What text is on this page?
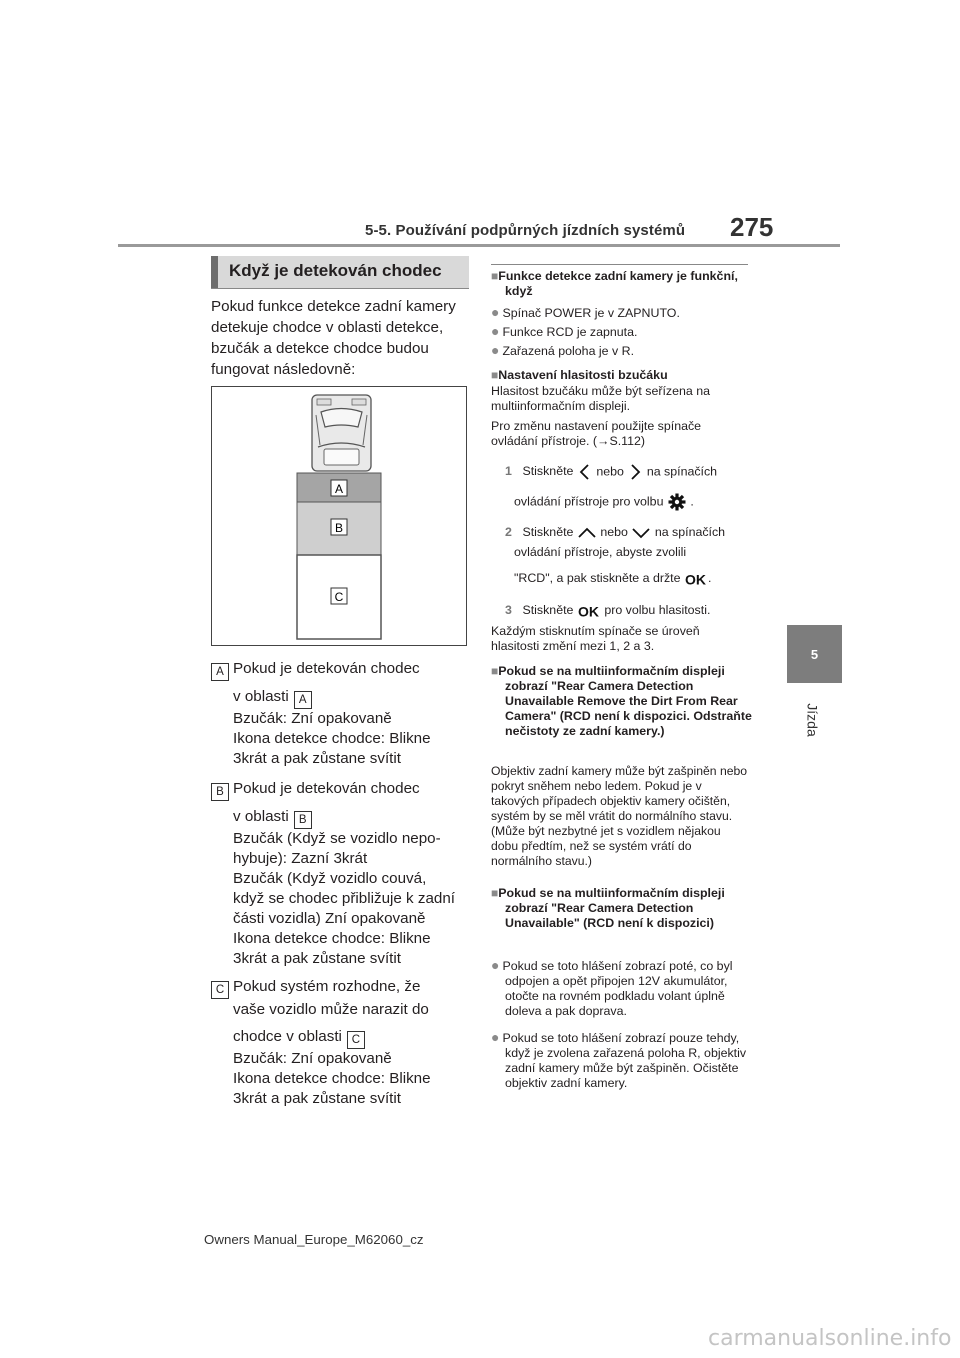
5-5. Používání podpůrných jízdních systémů 275
5
Jízda
Když je detekován chodec
Pokud funkce detekce zadní kamery detekuje chodce v oblasti detekce, bzučák a detekce chodce budou fungovat následovně:
A
B
C
A Pokud je detekován chodec
v oblasti A
Bzučák: Zní opakovaně
Ikona detekce chodce: Blikne
3krát a pak zůstane svítit
B Pokud je detekován chodec
v oblasti B
Bzučák (Když se vozidlo nepo-
hybuje): Zazní 3krát
Bzučák (Když vozidlo couvá,
když se chodec přibližuje k zadní
části vozidla) Zní opakovaně
Ikona detekce chodce: Blikne
3krát a pak zůstane svítit
C Pokud systém rozhodne, že
vaše vozidlo může narazit do
chodce v oblasti C
Bzučák: Zní opakovaně
Ikona detekce chodce: Blikne
3krát a pak zůstane svítit
■Funkce detekce zadní kamery je funkční, když
● Spínač POWER je v ZAPNUTO.
● Funkce RCD je zapnuta.
● Zařazená poloha je v R.
■Nastavení hlasitosti bzučáku
Hlasitost bzučáku může být seřízena na multiinformačním displeji.
Pro změnu nastavení použijte spínače ovládání přístroje. (→S.112)
1 Stiskněte nebo na spínačích
ovládání přístroje pro volbu .
2 Stiskněte nebo na spínačích
ovládání přístroje, abyste zvolili
"RCD", a pak stiskněte a držte OK .
3 Stiskněte OK pro volbu hlasitosti.
Každým stisknutím spínače se úroveň hlasitosti změní mezi 1, 2 a 3.
■Pokud se na multiinformačním displeji zobrazí "Rear Camera Detection Unavailable Remove the Dirt From Rear Camera" (RCD není k dispozici. Odstraňte nečistoty ze zadní kamery.)
Objektiv zadní kamery může být zašpiněn nebo pokryt sněhem nebo ledem. Pokud je v takových případech objektiv kamery očištěn, systém by se měl vrátit do normálního stavu. (Může být nezbytné jet s vozidlem nějakou dobu předtím, než se systém vrátí do normálního stavu.)
■Pokud se na multiinformačním displeji zobrazí "Rear Camera Detection Unavailable" (RCD není k dispozici)
● Pokud se toto hlášení zobrazí poté, co byl odpojen a opět připojen 12V akumulátor, otočte na rovném podkladu volant úplně doleva a pak doprava.
● Pokud se toto hlášení zobrazí pouze tehdy, když je zvolena zařazená poloha R, objektiv zadní kamery může být zašpiněn. Očistěte objektiv zadní kamery.
Owners Manual_Europe_M62060_cz
carmanualsonline.info
